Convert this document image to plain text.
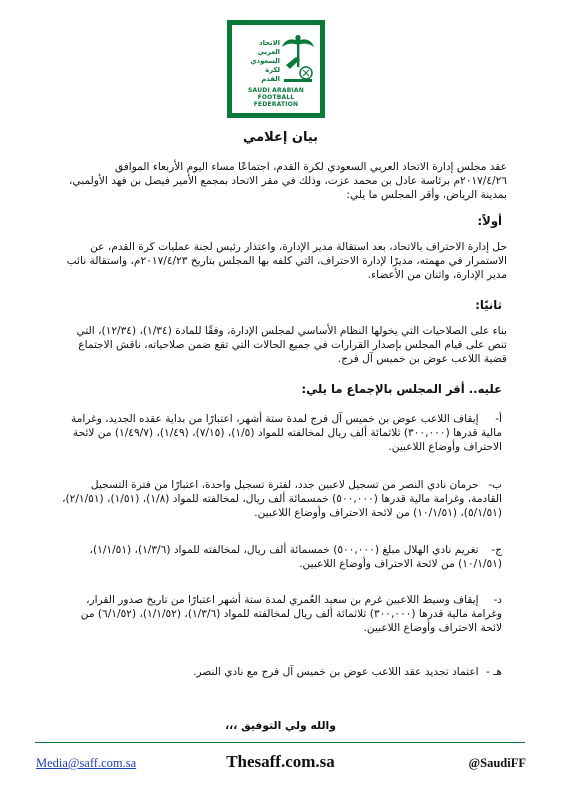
الاتحاد
العربي
السعودي
لكرة
القدم
SAUDI ARABIAN
FOOTBALL FEDERATION
بيان إعلامي
عقد مجلس إدارة الاتحاد العربي السعودي لكرة القدم، اجتماعًا مساء اليوم الأربعاء الموافق ٢٠١٧/٤/٢٦م برئاسة عادل بن محمد عزت، وذلك في مقر الاتحاد بمجمع الأمير فيصل بن فهد الأولمبي، بمدينة الرياض، وأقر المجلس ما يلي:
أولاً:
حل إدارة الاحتراف بالاتحاد، بعد استقالة مدير الإدارة، واعتذار رئيس لجنة عمليات كرة القدم، عن الاستمرار في مهمته، مديرًا لإدارة الاحتراف، التي كلفه بها المجلس بتاريخ ٢٠١٧/٤/٢٣م، واستقالة نائب مدير الإدارة، واثنان من الأعضاء.
ثانيًا:
بناء على الصلاحيات التي يخولها النظام الأساسي لمجلس الإدارة، وفقًا للمادة (١/٣٤)، (١٢/٣٤)، التي تنص على قيام المجلس بإصدار القرارات في جميع الحالات التي تقع ضمن صلاحياته، ناقش الاجتماع قضية اللاعب عوض بن خميس آل فرج.
عليه.. أقر المجلس بالإجماع ما يلي:
أ- إيقاف اللاعب عوض بن خميس آل فرج لمدة ستة أشهر، اعتبارًا من بداية عقده الجديد، وغرامة مالية قدرها (٣٠٠,٠٠٠) ثلاثمائة ألف ريال لمخالفته للمواد (١/٥)، (٧/١٥)، (١/٤٩)، (١/٤٩/٧) من لائحة الاحتراف وأوضاع اللاعبين.
ب- حرمان نادي النصر من تسجيل لاعبين جدد، لفترة تسجيل واحدة، اعتبارًا من فترة التسجيل القادمة، وغرامة مالية قدرها (٥٠٠,٠٠٠) خمسمائة ألف ريال، لمخالفته للمواد (١/٨)، (١/٥١)، (٢/١/٥١)، (٥/١/٥١)، (١٠/١/٥١) من لائحة الاحتراف وأوضاع اللاعبين.
ج- تغريم نادي الهلال مبلغ (٥٠٠,٠٠٠) خمسمائة ألف ريال، لمخالفته للمواد (١/٣/٦)، (١/١/٥١)، (١٠/١/٥١) من لائحة الاحتراف وأوضاع اللاعبين.
د- إيقاف وسيط اللاعبين غرم بن سعيد العُمري لمدة ستة أشهر اعتبارًا من تاريخ صدور القرار، وغرامة مالية قدرها (٣٠٠,٠٠٠) ثلاثمائة ألف ريال لمخالفته للمواد (١/٣/٦)، (١/١/٥٢)، (٦/١/٥٢) من لائحة الاحتراف وأوضاع اللاعبين.
هـ - اعتماد تجديد عقد اللاعب عوض بن خميس آل فرج مع نادي النصر.
والله ولي التوفيق ،،،
Media@saff.com.sa	Thesaff.com.sa	@SaudiFF
